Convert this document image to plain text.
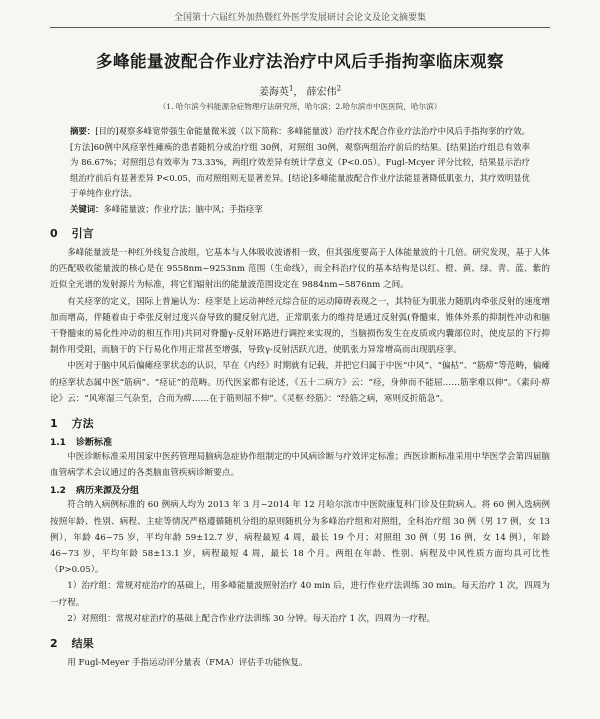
全国第十六届红外加热暨红外医学发展研讨会论文及论文摘要集
多峰能量波配合作业疗法治疗中风后手指拘挛临床观察
姜海英$^1$， 薛宏伟$^2$
（1. 哈尔滨今科能源杂症物理疗法研究所，哈尔滨；2.哈尔滨市中医医院，哈尔滨）
摘要：[目的]观察多峰宽带强生命能量微米波（以下简称：多峰能量波）治疗技术配合作业疗法治疗中风后手指拘挛的疗效。[方法]60例中风痉挛性瘫痪的患者随机分成治疗组 30例，对照组 30例，观察两组治疗前后的结果。[结果]治疗组总有效率为 86.67%；对照组总有效率为 73.33%，两组疗效差异有统计学意义（P<0.05）。Fugl-Mcyer 评分比较，结果显示治疗组治疗前后有显著差异 P<0.05，而对照组则无显著差异。[结论]多峰能量波配合作业疗法能显著降低肌张力，其疗效明显优于单纯作业疗法。
关键词：多峰能量波；作业疗法；脑中风；手指痉挛
0 引言

多峰能量波是一种红外线复合波组，它基本与人体吸收波谱相一致，但其强度要高于人体能量波的十几倍。研究发现，基于人体的匹配吸收能量波的核心是在 9558nm~9253nm 范围（生命线），而全科治疗仪的基本结构是以红、橙、黄、绿、青、蓝、紫的近似全光谱的发射源片为标准，将它们辐射出的能量波范围设定在 9884nm~5876nm 之间。

有关痉挛的定义，国际上普遍认为：痉挛是上运动神经元综合征的运动障碍表现之一，其特征为肌张力随肌肉牵张反射的速度增加而增高，伴随着由于牵张反射过度兴奋导致的腱反射亢进，正常肌张力的维持是通过反射弧(脊髓束，锥体外系的抑制性冲动和脑干脊髓束的易化性冲动的相互作用)共同对脊髓γ-反射环路进行调控来实现的，当脑损伤发生在皮质或内囊部位时，使皮层的下行抑制作用受阻，而脑干的下行易化作用正常甚至增强，导致γ-反射活跃亢进，使肌张力异常增高而出现肌痉挛。

中医对于脑中风后偏瘫痉挛状态的认识，早在《内经》时期就有记载，并把它归属于中医“中风”、“偏枯”、“筋痹”等范畴，偏瘫的痉挛状态属中医“筋病”、“痉证”的范畴。历代医家都有论述，《五十二病方》云：“痉，身伸而不能屈……筋挛难以伸”。《素问·痹论》云：“风寒湿三气杂至，合而为痹……在于筋则屈不伸”。《灵枢·经筋》：“经筋之病，寒则反折筋急”。

1 方法
1.1 诊断标准

中医诊断标准采用国家中医药管理局脑病急症协作组制定的中风病诊断与疗效评定标准；西医诊断标准采用中华医学会第四届脑血管病学术会议通过的各类脑血管疾病诊断要点。

1.2 病历来源及分组

符合纳入病例标准的 60 例病人均为 2013 年 3 月~2014 年 12 月哈尔滨市中医院康复科门诊及住院病人。将 60 例入选病例按照年龄、性别、病程、主症等情况严格遵循随机分组的原则随机分为多峰治疗组和对照组，全科治疗组 30 例（男 17 例，女 13 例），年龄 46~75 岁，平均年龄 59±12.7 岁，病程最短 4 周，最长 19 个月；对照组 30 例（男 16 例，女 14 例），年龄 46~73 岁，平均年龄 58±13.1 岁，病程最短 4 周，最长 18 个月。两组在年龄、性别、病程及中风性质方面均具可比性（P>0.05）。

1）治疗组：常规对症治疗的基础上，用多峰能量波照射治疗 40 min 后，进行作业疗法训练 30 min。每天治疗 1 次，四周为一疗程。

2）对照组：常规对症治疗的基础上配合作业疗法训练 30 分钟。每天治疗 1 次，四周为一疗程。

2 结果

用 Fugl-Meyer 手指运动评分量表（FMA）评估手功能恢复。
